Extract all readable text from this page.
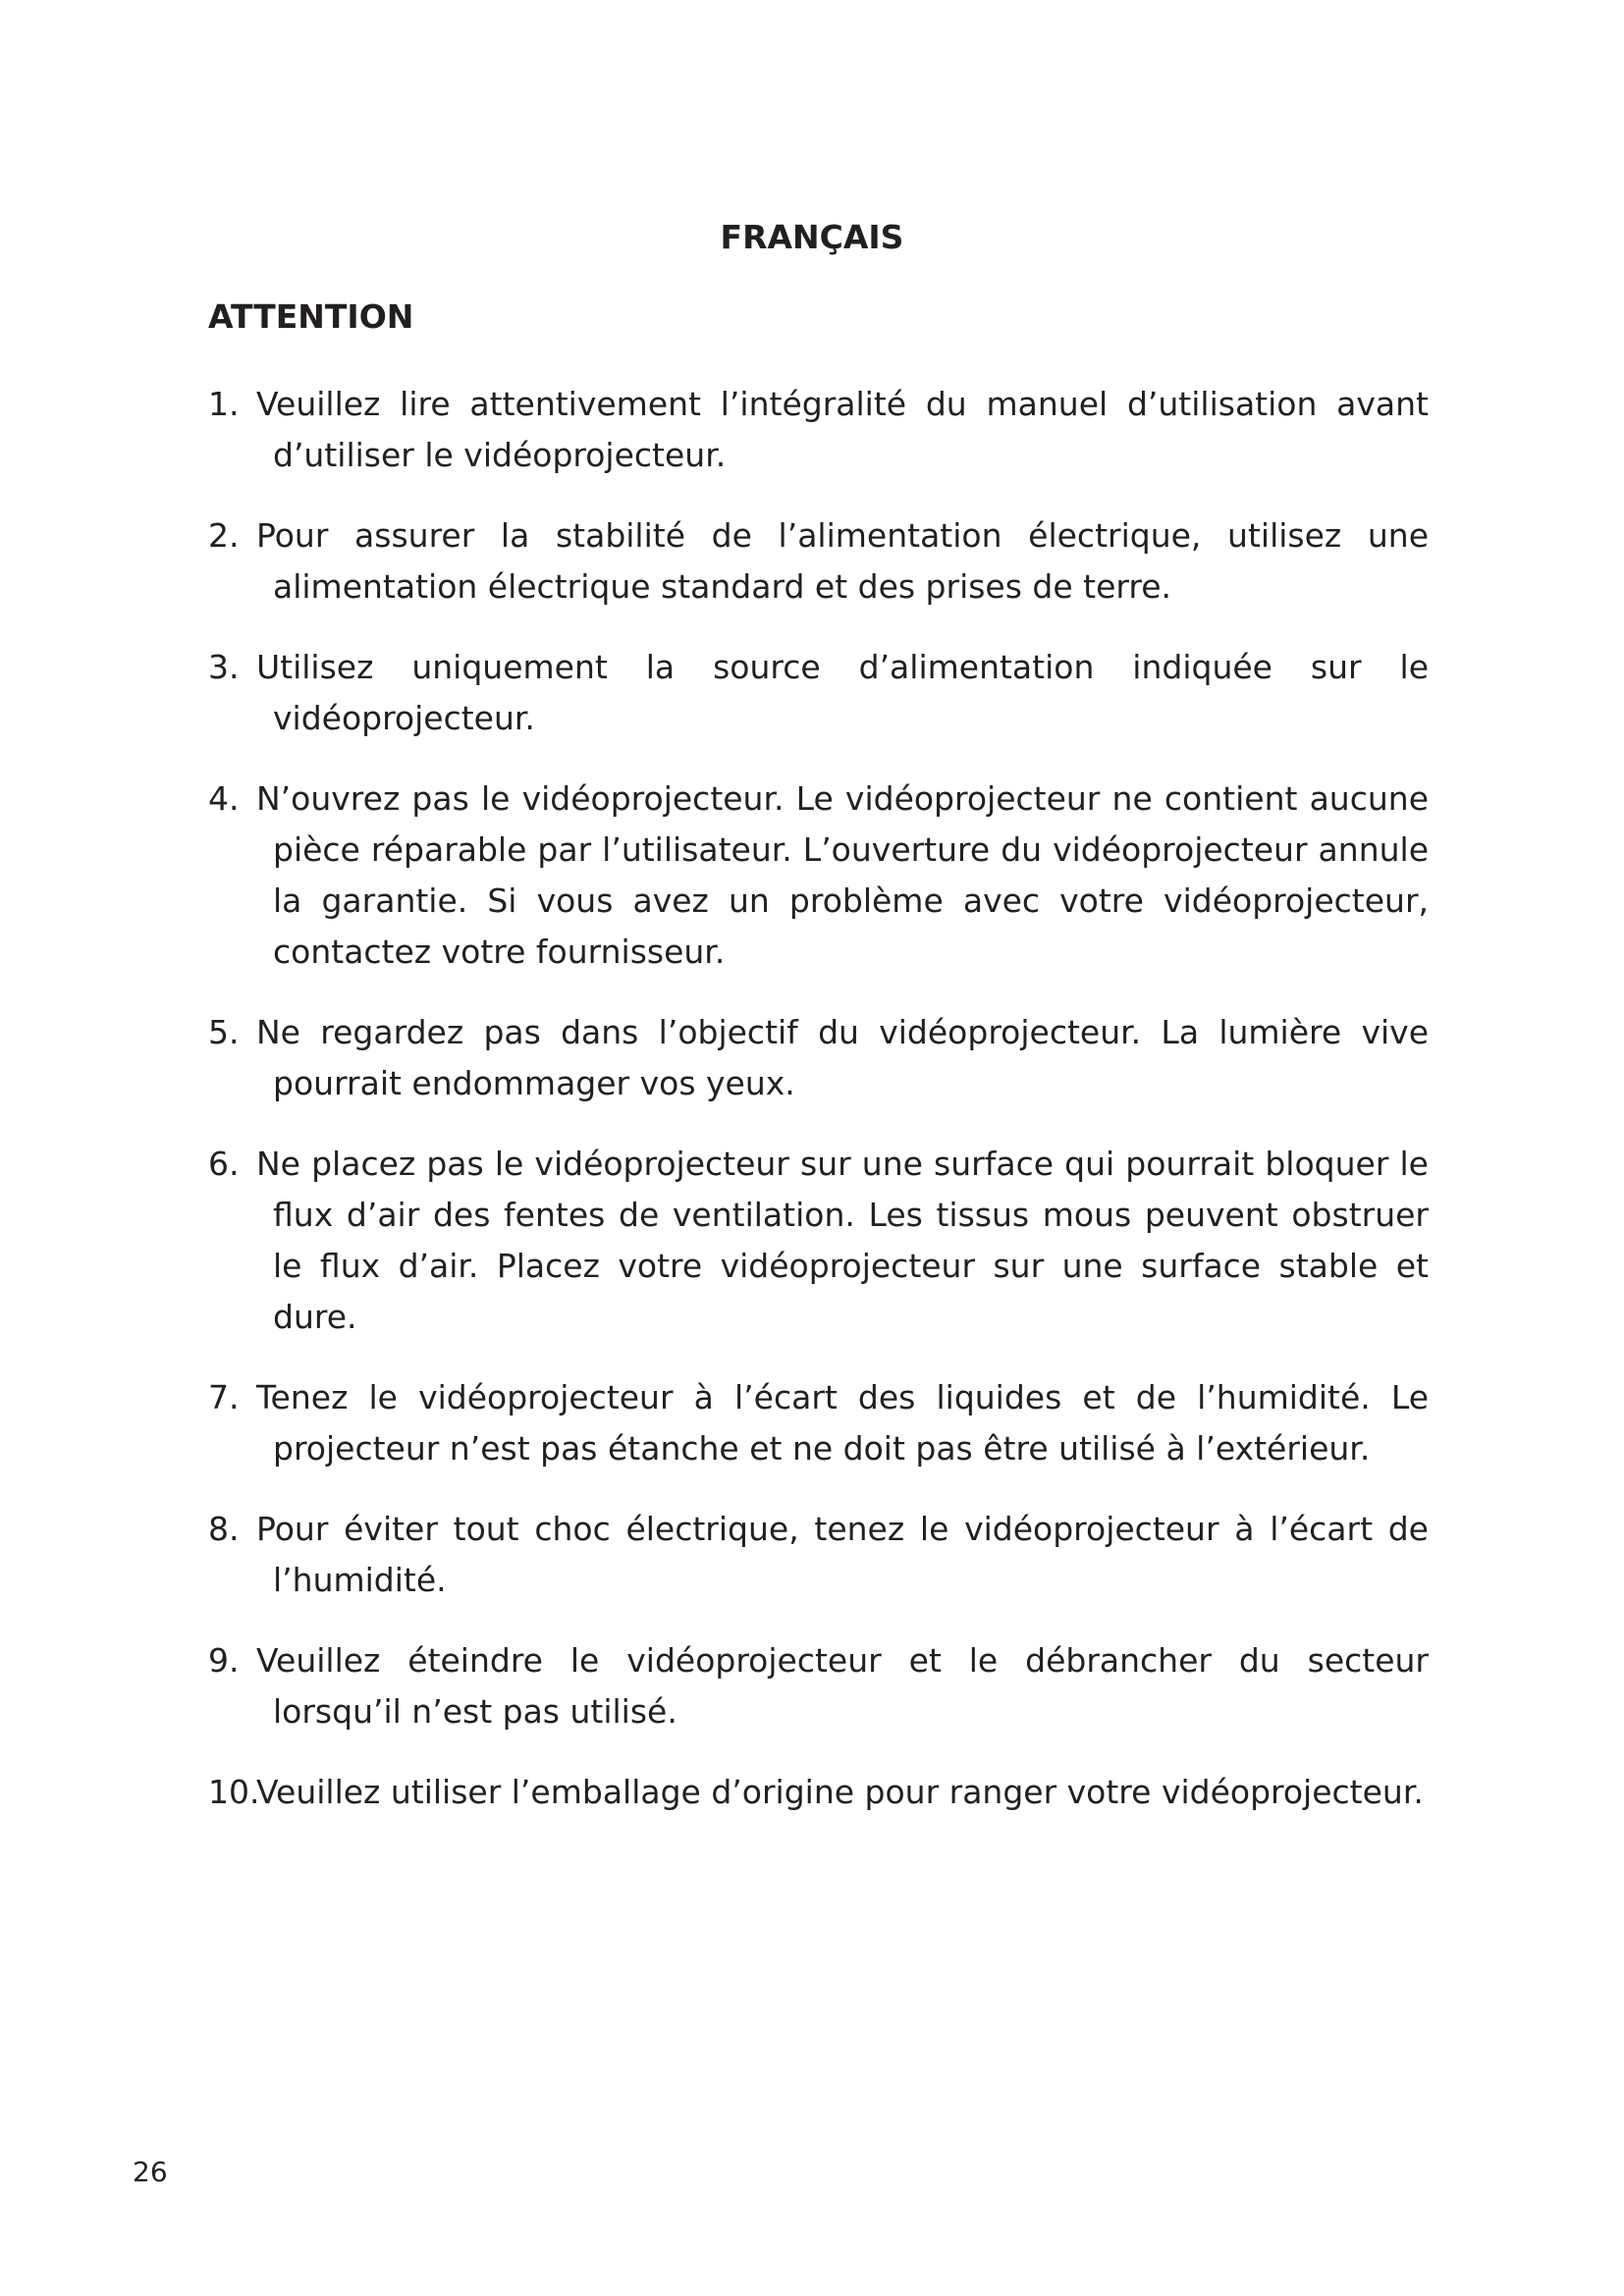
FRANÇAIS
ATTENTION
1. Veuillez lire attentivement l’intégralité du manuel d’utilisation avant d’utiliser le vidéoprojecteur.
2. Pour assurer la stabilité de l’alimentation électrique, utilisez une alimentation électrique standard et des prises de terre.
3. Utilisez uniquement la source d’alimentation indiquée sur le vidéoprojecteur.
4. N’ouvrez pas le vidéoprojecteur. Le vidéoprojecteur ne contient aucune pièce réparable par l’utilisateur. L’ouverture du vidéoprojecteur annule la garantie. Si vous avez un problème avec votre vidéoprojecteur, contactez votre fournisseur.
5. Ne regardez pas dans l’objectif du vidéoprojecteur. La lumière vive pourrait endommager vos yeux.
6. Ne placez pas le vidéoprojecteur sur une surface qui pourrait bloquer le flux d’air des fentes de ventilation. Les tissus mous peuvent obstruer le flux d’air. Placez votre vidéoprojecteur sur une surface stable et dure.
7. Tenez le vidéoprojecteur à l’écart des liquides et de l’humidité. Le projecteur n’est pas étanche et ne doit pas être utilisé à l’extérieur.
8. Pour éviter tout choc électrique, tenez le vidéoprojecteur à l’écart de l’humidité.
9. Veuillez éteindre le vidéoprojecteur et le débrancher du secteur lorsqu’il n’est pas utilisé.
10.
Veuillez utiliser l’emballage d’origine pour ranger votre vidéoprojecteur.
26
